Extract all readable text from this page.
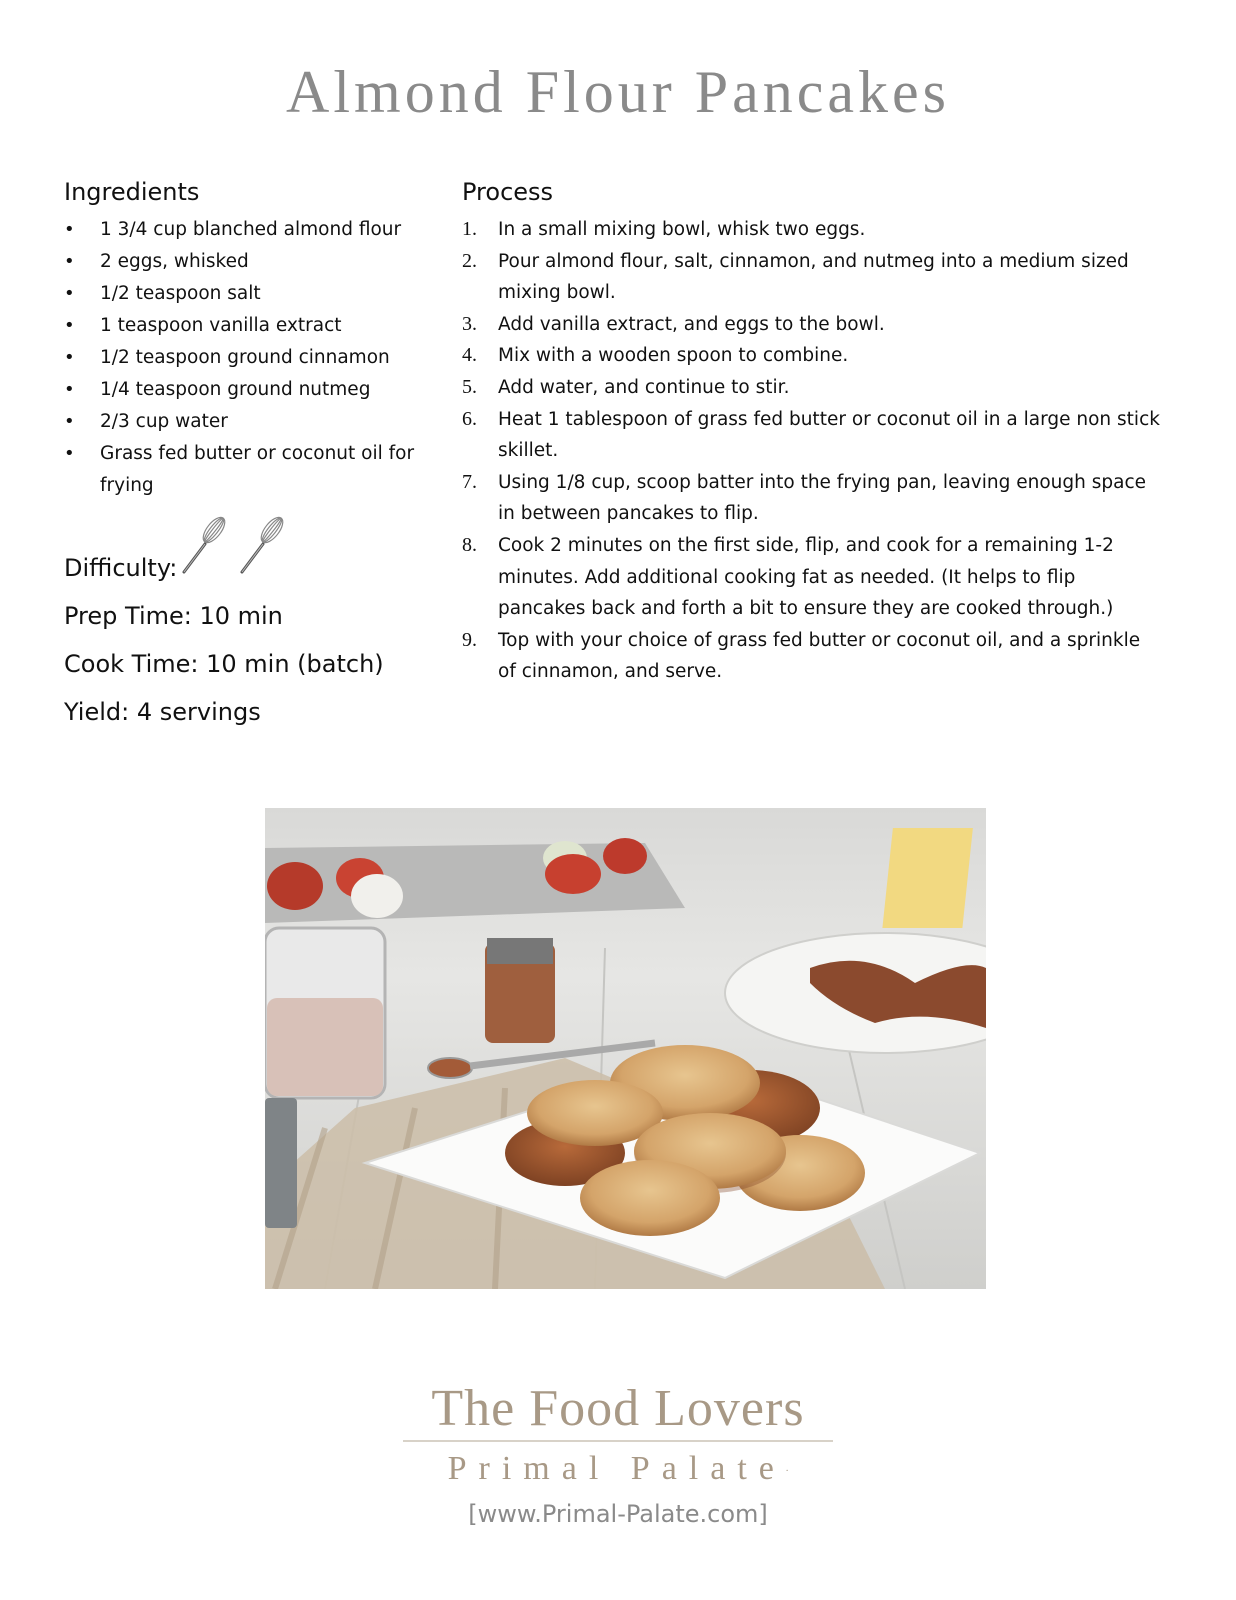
Almond Flour Pancakes
Ingredients
• 1 3/4 cup blanched almond flour
• 2 eggs, whisked
• 1/2 teaspoon salt
• 1 teaspoon vanilla extract
• 1/2 teaspoon ground cinnamon
• 1/4 teaspoon ground nutmeg
• 2/3 cup water
• Grass fed butter or coconut oil for frying
Difficulty:

Prep Time: 10 min
Cook Time: 10 min (batch)
Yield: 4 servings
Process
1. In a small mixing bowl, whisk two eggs.
2. Pour almond flour, salt, cinnamon, and nutmeg into a medium sized mixing bowl.
3. Add vanilla extract, and eggs to the bowl.
4. Mix with a wooden spoon to combine.
5. Add water, and continue to stir.
6. Heat 1 tablespoon of grass fed butter or coconut oil in a large non stick skillet.
7. Using 1/8 cup, scoop batter into the frying pan, leaving enough space in between pancakes to flip.
8. Cook 2 minutes on the first side, flip, and cook for a remaining 1-2 minutes. Add additional cooking fat as needed. (It helps to flip pancakes back and forth a bit to ensure they are cooked through.)
9. Top with your choice of grass fed butter or coconut oil, and a sprinkle of cinnamon, and serve.
The Food Lovers
Primal Palate.
[www.Primal-Palate.com]
